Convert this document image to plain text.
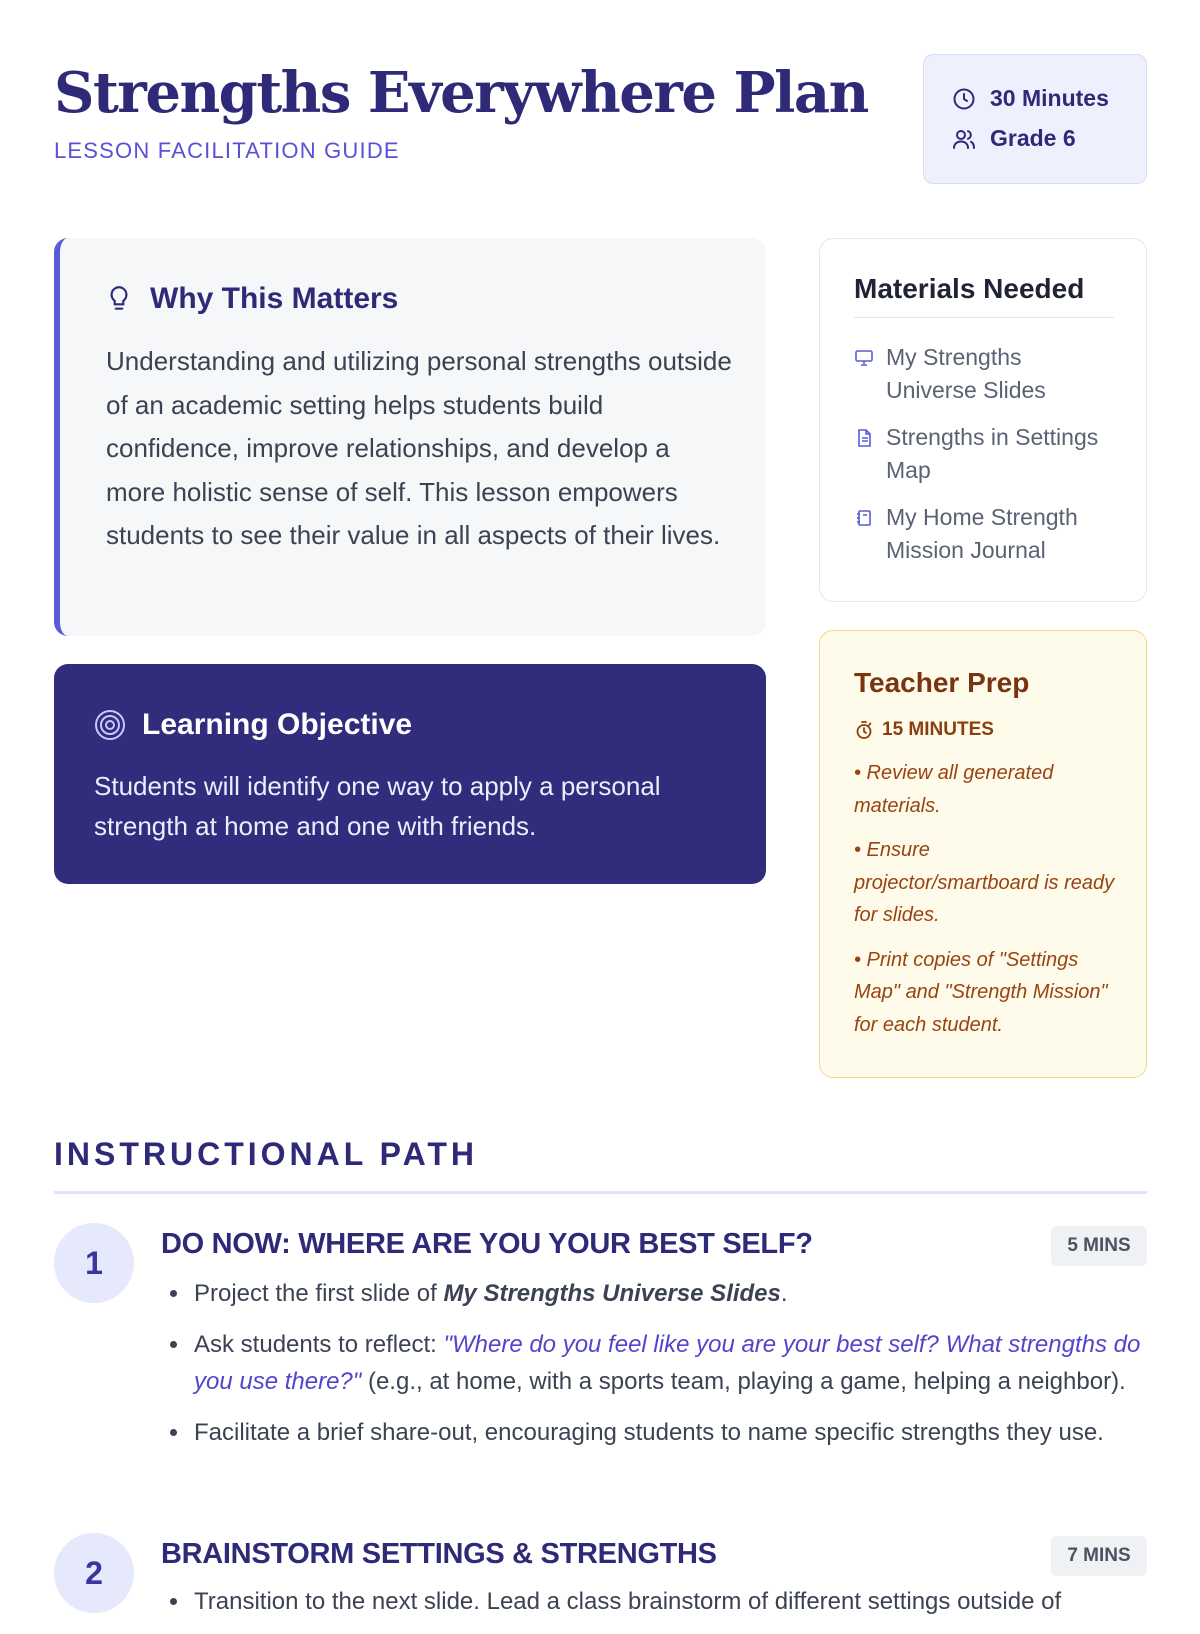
Strengths Everywhere Plan
LESSON FACILITATION GUIDE
30 Minutes
Grade 6
Why This Matters

Understanding and utilizing personal strengths outside of an academic setting helps students build confidence, improve relationships, and develop a more holistic sense of self. This lesson empowers students to see their value in all aspects of their lives.

Learning Objective

Students will identify one way to apply a personal strength at home and one with friends.

Materials Needed
My Strengths Universe Slides
Strengths in Settings Map
My Home Strength Mission Journal
Teacher Prep
15 MINUTES
• Review all generated materials.
• Ensure projector/smartboard is ready for slides.
• Print copies of "Settings Map" and "Strength Mission" for each student.
INSTRUCTIONAL PATH
1
DO NOW: WHERE ARE YOU YOUR BEST SELF?	5 MINS
Project the first slide of My Strengths Universe Slides.
Ask students to reflect: "Where do you feel like you are your best self? What strengths do you use there?" (e.g., at home, with a sports team, playing a game, helping a neighbor).
Facilitate a brief share-out, encouraging students to name specific strengths they use.
2
BRAINSTORM SETTINGS & STRENGTHS	7 MINS
Transition to the next slide. Lead a class brainstorm of different settings outside of
